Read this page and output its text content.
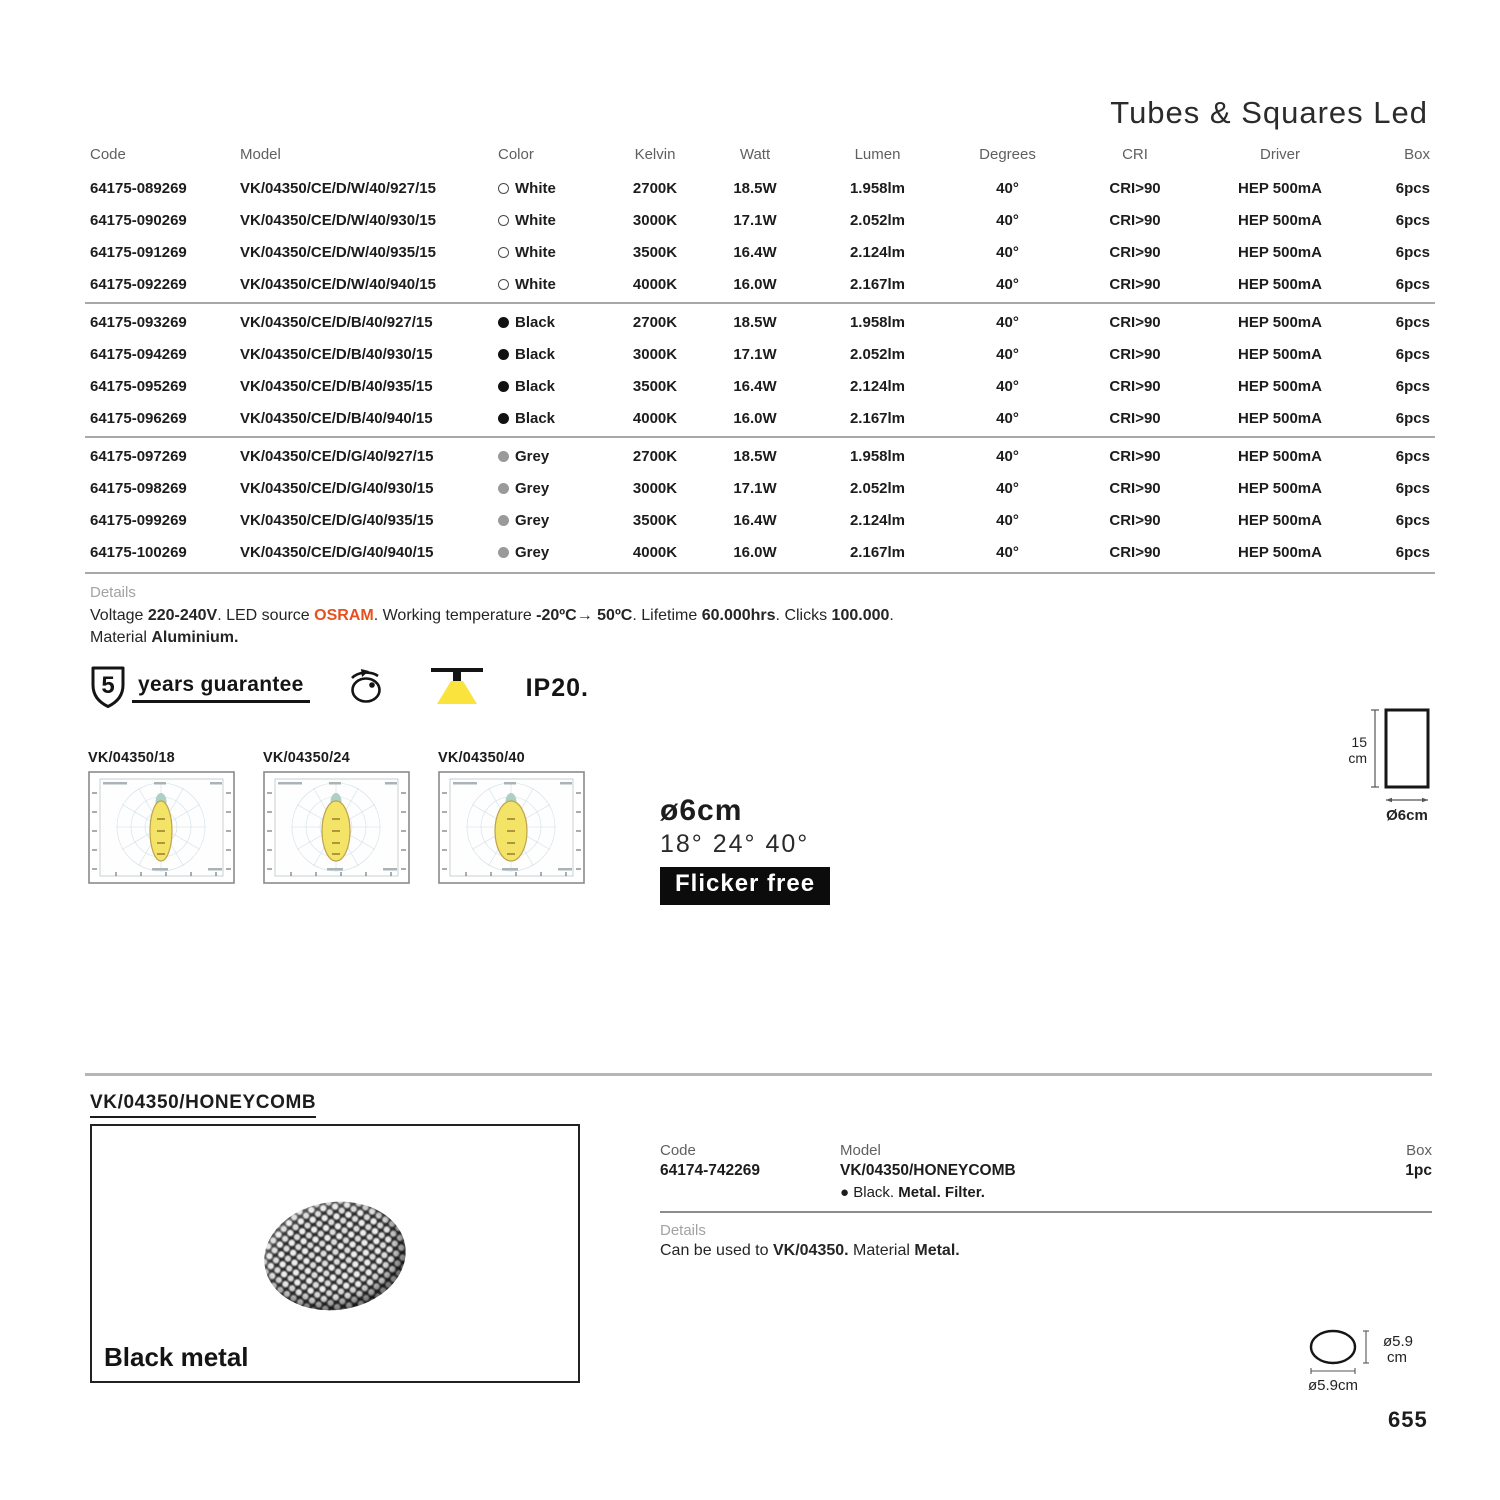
Tubes & Squares Led
Code	Model	Color	Kelvin	Watt	Lumen	Degrees	CRI	Driver	Box
64175-089269	VK/04350/CE/D/W/40/927/15	White	2700K	18.5W	1.958lm	40°	CRI>90	HEP 500mA	6pcs
64175-090269	VK/04350/CE/D/W/40/930/15	White	3000K	17.1W	2.052lm	40°	CRI>90	HEP 500mA	6pcs
64175-091269	VK/04350/CE/D/W/40/935/15	White	3500K	16.4W	2.124lm	40°	CRI>90	HEP 500mA	6pcs
64175-092269	VK/04350/CE/D/W/40/940/15	White	4000K	16.0W	2.167lm	40°	CRI>90	HEP 500mA	6pcs
64175-093269	VK/04350/CE/D/B/40/927/15	Black	2700K	18.5W	1.958lm	40°	CRI>90	HEP 500mA	6pcs
64175-094269	VK/04350/CE/D/B/40/930/15	Black	3000K	17.1W	2.052lm	40°	CRI>90	HEP 500mA	6pcs
64175-095269	VK/04350/CE/D/B/40/935/15	Black	3500K	16.4W	2.124lm	40°	CRI>90	HEP 500mA	6pcs
64175-096269	VK/04350/CE/D/B/40/940/15	Black	4000K	16.0W	2.167lm	40°	CRI>90	HEP 500mA	6pcs
64175-097269	VK/04350/CE/D/G/40/927/15	Grey	2700K	18.5W	1.958lm	40°	CRI>90	HEP 500mA	6pcs
64175-098269	VK/04350/CE/D/G/40/930/15	Grey	3000K	17.1W	2.052lm	40°	CRI>90	HEP 500mA	6pcs
64175-099269	VK/04350/CE/D/G/40/935/15	Grey	3500K	16.4W	2.124lm	40°	CRI>90	HEP 500mA	6pcs
64175-100269	VK/04350/CE/D/G/40/940/15	Grey	4000K	16.0W	2.167lm	40°	CRI>90	HEP 500mA	6pcs
Details
Voltage 220-240V. LED source OSRAM. Working temperature -20ºC→ 50ºC. Lifetime 60.000hrs. Clicks 100.000.
Material Aluminium.
5 years guarantee	IP20.
VK/04350/18	VK/04350/24	VK/04350/40
ø6cm
18° 24° 40°
Flicker free
15
cm
Ø6cm
VK/04350/HONEYCOMB
Black metal
Code
64174-742269
Model
VK/04350/HONEYCOMB
● Black. Metal. Filter.
Box
1pc
Details
Can be used to VK/04350. Material Metal.
ø5.9
cm
ø5.9cm
655
